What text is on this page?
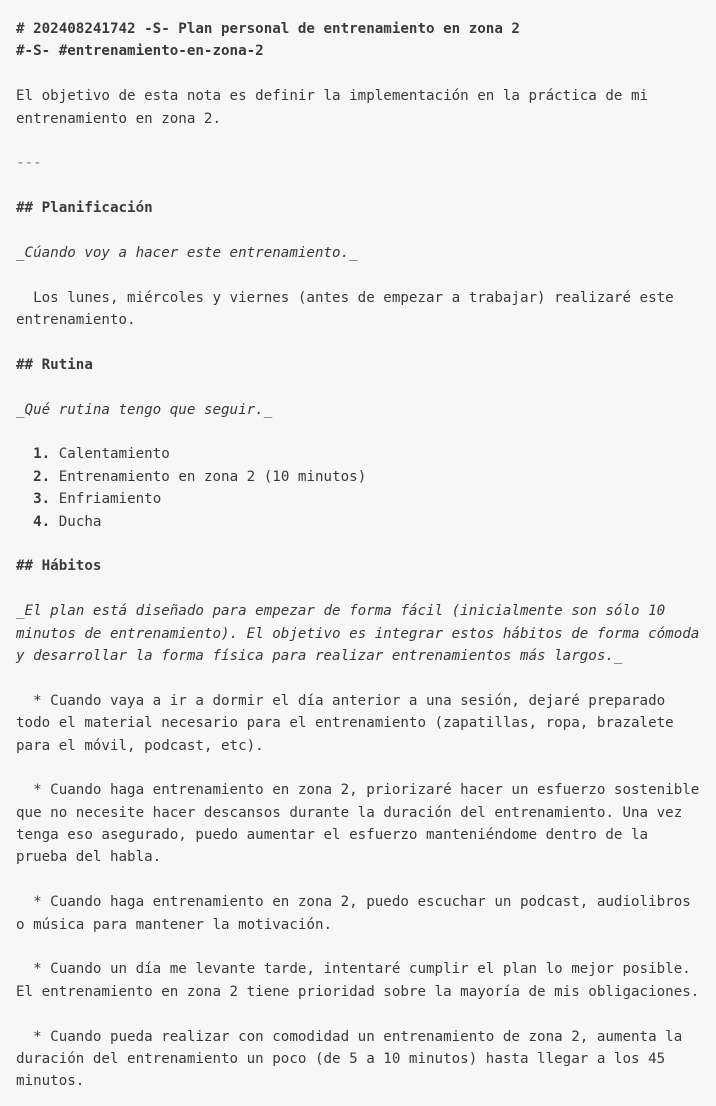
# 202408241742 -S- Plan personal de entrenamiento en zona 2
#-S- #entrenamiento-en-zona-2
El objetivo de esta nota es definir la implementación en la práctica de mi
entrenamiento en zona 2.
---
## Planificación
_Cúando voy a hacer este entrenamiento._
Los lunes, miércoles y viernes (antes de empezar a trabajar) realizaré este
entrenamiento.
## Rutina
_Qué rutina tengo que seguir._
1. Calentamiento
2. Entrenamiento en zona 2 (10 minutos)
3. Enfriamiento
4. Ducha
## Hábitos
_El plan está diseñado para empezar de forma fácil (inicialmente son sólo 10
minutos de entrenamiento). El objetivo es integrar estos hábitos de forma cómoda
y desarrollar la forma física para realizar entrenamientos más largos._
* Cuando vaya a ir a dormir el día anterior a una sesión, dejaré preparado
todo el material necesario para el entrenamiento (zapatillas, ropa, brazalete
para el móvil, podcast, etc).
* Cuando haga entrenamiento en zona 2, priorizaré hacer un esfuerzo sostenible
que no necesite hacer descansos durante la duración del entrenamiento. Una vez
tenga eso asegurado, puedo aumentar el esfuerzo manteniéndome dentro de la
prueba del habla.
* Cuando haga entrenamiento en zona 2, puedo escuchar un podcast, audiolibros
o música para mantener la motivación.
* Cuando un día me levante tarde, intentaré cumplir el plan lo mejor posible.
El entrenamiento en zona 2 tiene prioridad sobre la mayoría de mis obligaciones.
* Cuando pueda realizar con comodidad un entrenamiento de zona 2, aumenta la
duración del entrenamiento un poco (de 5 a 10 minutos) hasta llegar a los 45
minutos.
